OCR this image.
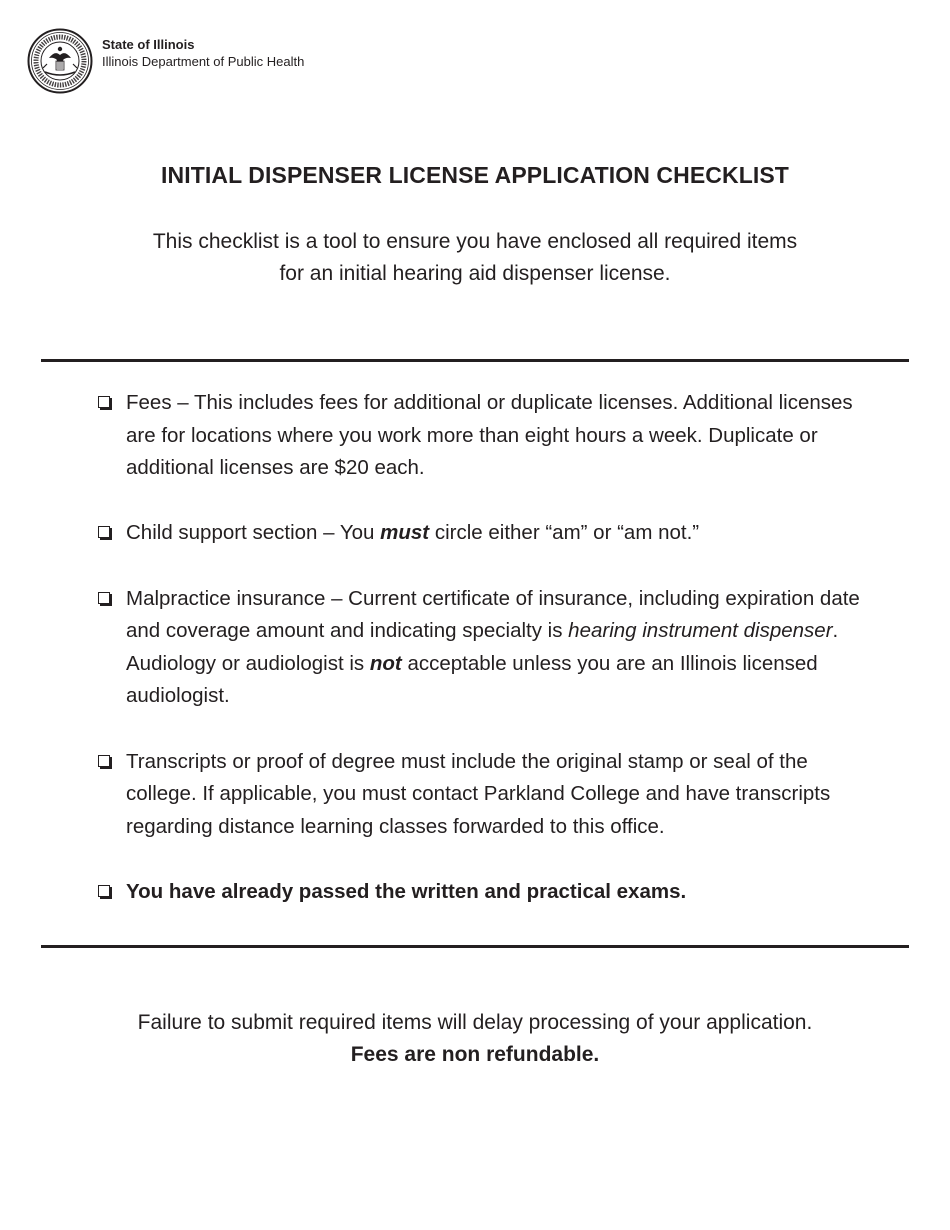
State of Illinois
Illinois Department of Public Health
INITIAL DISPENSER LICENSE APPLICATION CHECKLIST
This checklist is a tool to ensure you have enclosed all required items
for an initial hearing aid dispenser license.
Fees – This includes fees for additional or duplicate licenses. Additional licenses are for locations where you work more than eight hours a week. Duplicate or additional licenses are $20 each.
Child support section – You must circle either “am” or “am not.”
Malpractice insurance – Current certificate of insurance, including expiration date and coverage amount and indicating specialty is hearing instrument dispenser. Audiology or audiologist is not acceptable unless you are an Illinois licensed audiologist.
Transcripts or proof of degree must include the original stamp or seal of the college. If applicable, you must contact Parkland College and have transcripts regarding distance learning classes forwarded to this office.
You have already passed the written and practical exams.
Failure to submit required items will delay processing of your application.
Fees are non refundable.
